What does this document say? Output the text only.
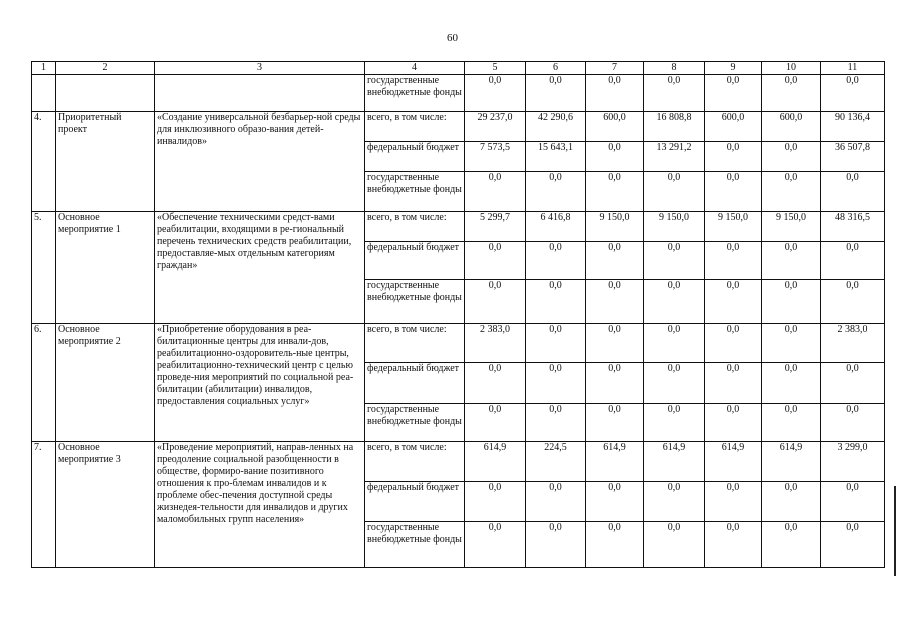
60
1	2	3	4	5	6	7	8	9	10	11
			государственные внебюджетные фонды	0,0	0,0	0,0	0,0	0,0	0,0	0,0
4.	Приоритетный проект	«Создание универсальной безбарьер-ной среды для инклюзивного образо-вания детей-инвалидов»	всего, в том числе:	29 237,0	42 290,6	600,0	16 808,8	600,0	600,0	90 136,4
			федеральный бюджет	7 573,5	15 643,1	0,0	13 291,2	0,0	0,0	36 507,8
			государственные внебюджетные фонды	0,0	0,0	0,0	0,0	0,0	0,0	0,0
5.	Основное мероприятие 1	«Обеспечение техническими средст-вами реабилитации, входящими в ре-гиональный перечень технических средств реабилитации, предоставляе-мых отдельным категориям граждан»	всего, в том числе:	5 299,7	6 416,8	9 150,0	9 150,0	9 150,0	9 150,0	48 316,5
			федеральный бюджет	0,0	0,0	0,0	0,0	0,0	0,0	0,0
			государственные внебюджетные фонды	0,0	0,0	0,0	0,0	0,0	0,0	0,0
6.	Основное мероприятие 2	«Приобретение оборудования в реа-билитационные центры для инвали-дов, реабилитационно-оздоровитель-ные центры, реабилитационно-технический центр с целью проведе-ния мероприятий по социальной реа-билитации (абилитации) инвалидов, предоставления социальных услуг»	всего, в том числе:	2 383,0	0,0	0,0	0,0	0,0	0,0	2 383,0
			федеральный бюджет	0,0	0,0	0,0	0,0	0,0	0,0	0,0
			государственные внебюджетные фонды	0,0	0,0	0,0	0,0	0,0	0,0	0,0
7.	Основное мероприятие 3	«Проведение мероприятий, направ-ленных на преодоление социальной разобщенности в обществе, формиро-вание позитивного отношения к про-блемам инвалидов и к проблеме обес-печения доступной среды жизнедея-тельности для инвалидов и других маломобильных групп населения»	всего, в том числе:	614,9	224,5	614,9	614,9	614,9	614,9	3 299,0
			федеральный бюджет	0,0	0,0	0,0	0,0	0,0	0,0	0,0
			государственные внебюджетные фонды	0,0	0,0	0,0	0,0	0,0	0,0	0,0
